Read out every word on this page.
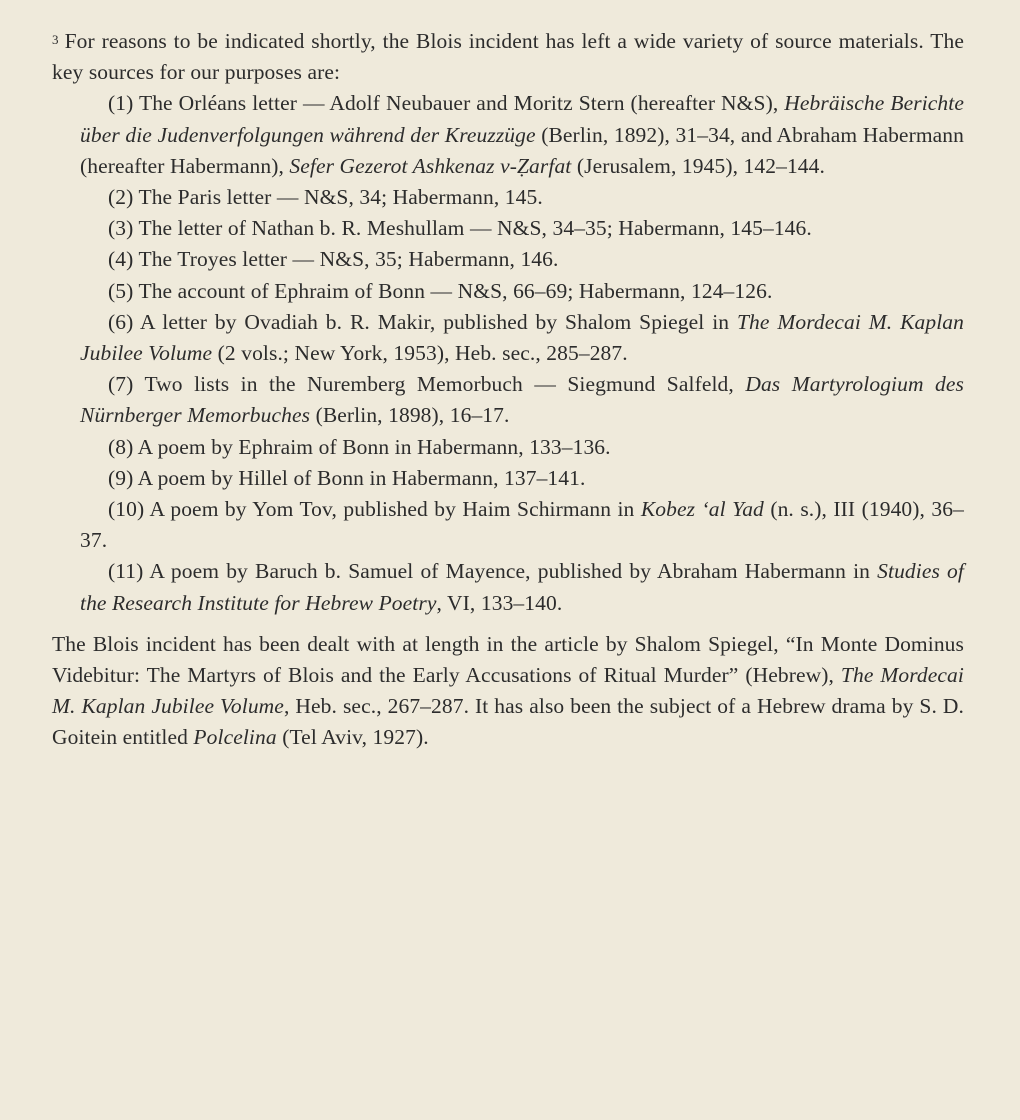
3 For reasons to be indicated shortly, the Blois incident has left a wide variety of source materials. The key sources for our purposes are:

(1) The Orléans letter — Adolf Neubauer and Moritz Stern (hereafter N&S), Hebräische Berichte über die Judenverfolgungen während der Kreuzzüge (Berlin, 1892), 31–34, and Abraham Habermann (hereafter Habermann), Sefer Gezerot Ashkenaz v-Ẓarfat (Jerusalem, 1945), 142–144.

(2) The Paris letter — N&S, 34; Habermann, 145.

(3) The letter of Nathan b. R. Meshullam — N&S, 34–35; Habermann, 145–146.

(4) The Troyes letter — N&S, 35; Habermann, 146.

(5) The account of Ephraim of Bonn — N&S, 66–69; Habermann, 124–126.

(6) A letter by Ovadiah b. R. Makir, published by Shalom Spiegel in The Mordecai M. Kaplan Jubilee Volume (2 vols.; New York, 1953), Heb. sec., 285–287.

(7) Two lists in the Nuremberg Memorbuch — Siegmund Salfeld, Das Martyrologium des Nürnberger Memorbuches (Berlin, 1898), 16–17.

(8) A poem by Ephraim of Bonn in Habermann, 133–136.

(9) A poem by Hillel of Bonn in Habermann, 137–141.

(10) A poem by Yom Tov, published by Haim Schirmann in Kobez ‘al Yad (n. s.), III (1940), 36–37.

(11) A poem by Baruch b. Samuel of Mayence, published by Abraham Habermann in Studies of the Research Institute for Hebrew Poetry, VI, 133–140.

The Blois incident has been dealt with at length in the article by Shalom Spiegel, “In Monte Dominus Videbitur: The Martyrs of Blois and the Early Accusations of Ritual Murder” (Hebrew), The Mordecai M. Kaplan Jubilee Volume, Heb. sec., 267–287. It has also been the subject of a Hebrew drama by S. D. Goitein entitled Polcelina (Tel Aviv, 1927).
